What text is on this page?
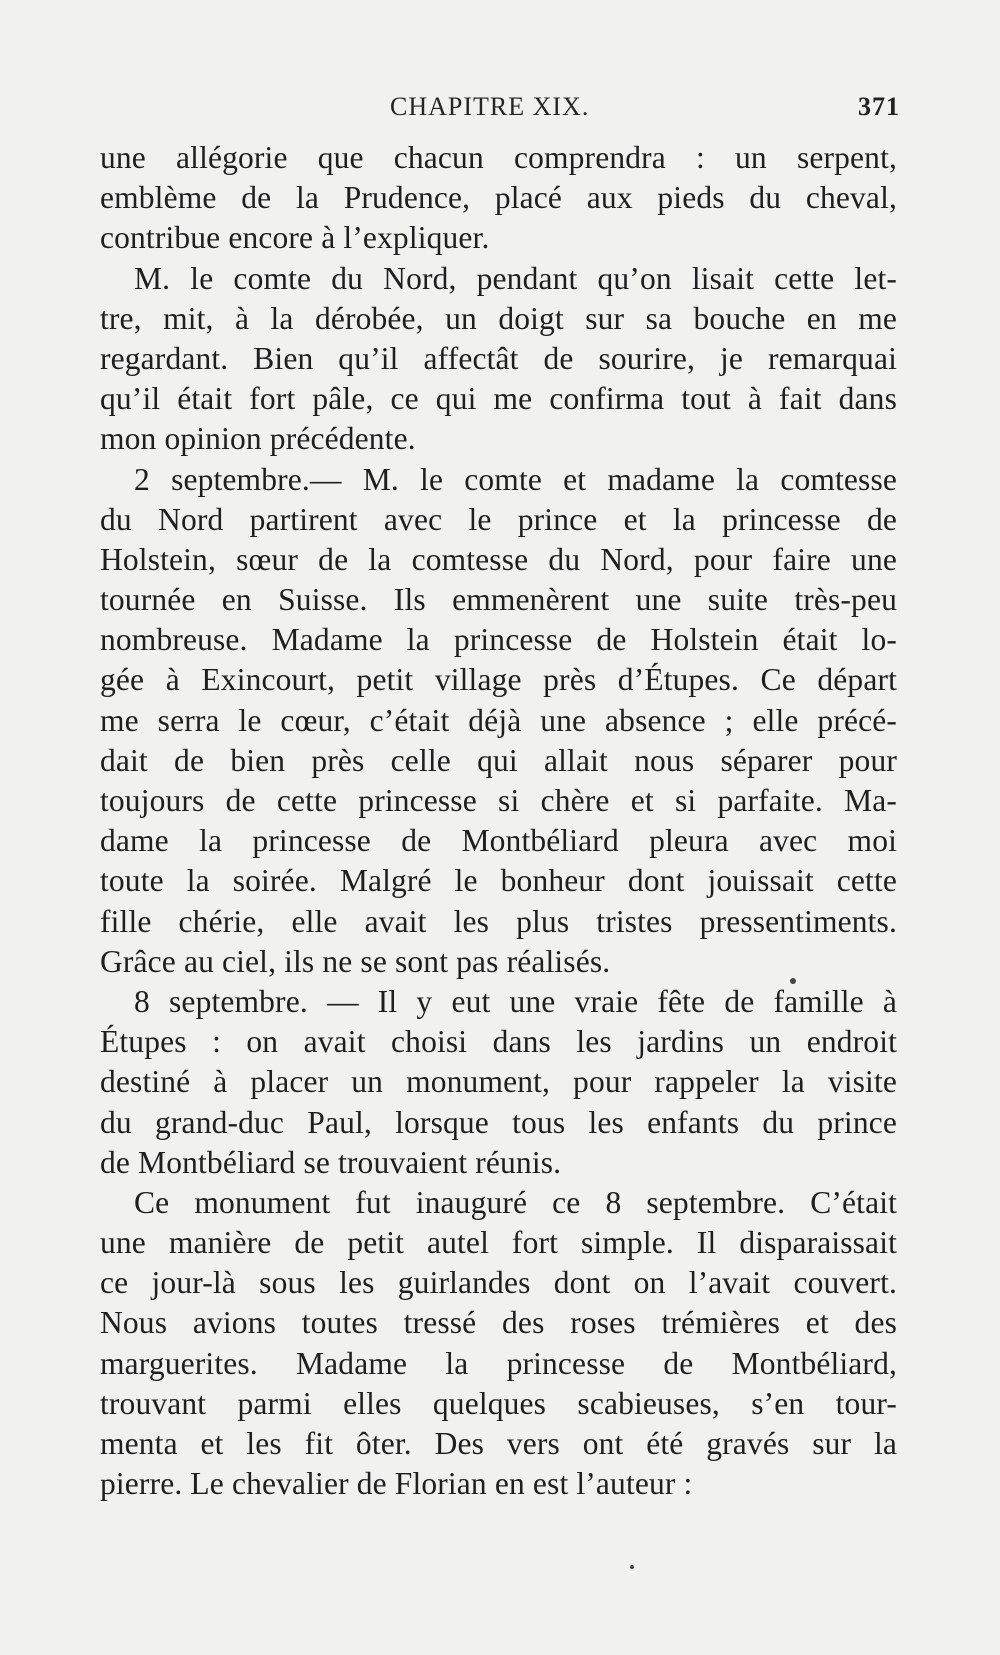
CHAPITRE XIX.	371
une allégorie que chacun comprendra : un serpent,
emblème de la Prudence, placé aux pieds du cheval,
contribue encore à l’expliquer.
M. le comte du Nord, pendant qu’on lisait cette let-
tre, mit, à la dérobée, un doigt sur sa bouche en me
regardant. Bien qu’il affectât de sourire, je remarquai
qu’il était fort pâle, ce qui me confirma tout à fait dans
mon opinion précédente.
2 septembre.— M. le comte et madame la comtesse
du Nord partirent avec le prince et la princesse de
Holstein, sœur de la comtesse du Nord, pour faire une
tournée en Suisse. Ils emmenèrent une suite très-peu
nombreuse. Madame la princesse de Holstein était lo-
gée à Exincourt, petit village près d’Étupes. Ce départ
me serra le cœur, c’était déjà une absence ; elle précé-
dait de bien près celle qui allait nous séparer pour
toujours de cette princesse si chère et si parfaite. Ma-
dame la princesse de Montbéliard pleura avec moi
toute la soirée. Malgré le bonheur dont jouissait cette
fille chérie, elle avait les plus tristes pressentiments.
Grâce au ciel, ils ne se sont pas réalisés.
8 septembre. — Il y eut une vraie fête de famille à
Étupes : on avait choisi dans les jardins un endroit
destiné à placer un monument, pour rappeler la visite
du grand-duc Paul, lorsque tous les enfants du prince
de Montbéliard se trouvaient réunis.
Ce monument fut inauguré ce 8 septembre. C’était
une manière de petit autel fort simple. Il disparaissait
ce jour-là sous les guirlandes dont on l’avait couvert.
Nous avions toutes tressé des roses trémières et des
marguerites. Madame la princesse de Montbéliard,
trouvant parmi elles quelques scabieuses, s’en tour-
menta et les fit ôter. Des vers ont été gravés sur la
pierre. Le chevalier de Florian en est l’auteur :
